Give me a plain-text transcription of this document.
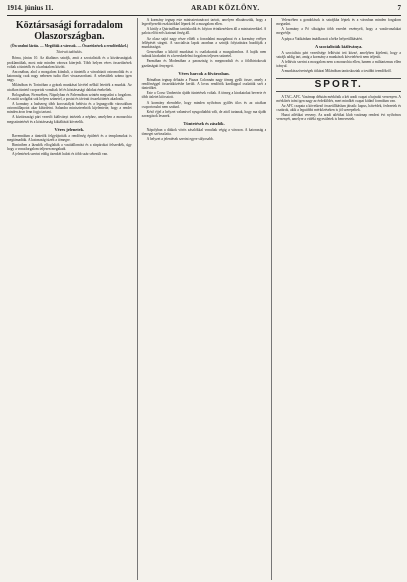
1914. június 11.	ARADI KÖZLÖNY.	7
Köztársasági forradalom Olaszországban.
(Ön uralmi láztás. — Megölták a városok. — Összetűzések a rendőrökkel.)
Távirati tudósítás.

Róma, június 10. Az általános sztrájk, amit a szocialisták és a köztársaságiak proklamáltak, most már minden városra kiterjedt. Több helyen véres összetűzések voltak a tüntetők és a karhatalom között.

Anconában, ahol a mozgalom kiindult, a tüntetők a városházát ostromolták és a katonaság csak nagy nehezen tudta őket visszaszorítani. A sebesültek száma igen nagy.

Milánóban és Torinóban a gyárak munkásai kivétel nélkül letették a munkát. Az utcákon tüntető csoportok vonultak fel és köztársasági dalokat énekeltek.

Bolognában, Firenzében, Nápolyban és Palermóban szintén megszűnt a forgalom. A vasúti szolgálat sok helyen szünetel, a postai és távirati összeköttetés akadozik.

A kormány a hadsereg több korosztályát behívta és a legnagyobb városokban ostromállapotot akar kihirdetni. Salandra miniszterelnök kijelentette, hogy a rendet minden áron fenn fogja tartani.

A köztársasági párt vezetői kiáltványt intéztek a néphez, amelyben a monarchia megszüntetését és a köztársaság kikiáltását követelik.

Véres jelenetek.

Ravennában a tüntetők felgyújtották a rendőrség épületét és a templomokat is megtámadták. A katonaság tüzelt a tömegre.

Riminiben a lázadók elfoglalták a vasútállomást és a sínpárokat felszedték, úgy hogy a vonatforgalom teljesen megakadt.

A jelentések szerint eddig tizenkét halott és több száz sebesült van.

A kormány tegnap este minisztertanácsot tartott, amelyen elhatározták, hogy a legerélyesebb eszközökkel lépnek fel a mozgalom ellen.

A király a Quirinálban tartózkodik és folyton érintkezésben áll a miniszterekkel. A palota előtt erős katonai őrség áll.

Az olasz sajtó nagy része elítéli a forradalmi mozgalmat és a kormány erélyes fellépését sürgeti. A szocialista lapok azonban a sztrájk folytatására buzdítják a munkásságot.

Genovában a kikötő munkásai is csatlakoztak a mozgalomhoz. A hajók nem tudnak kirakodni és a kereskedelmi forgalom teljesen szünetel.

Parmában és Modenában a parasztság is megmozdult és a földbirtokosok gazdaságait fenyegeti.

Véres harcok a fővárosban.

Rómában tegnap délután a Piazza Colonnán nagy tömeg gyűlt össze, amely a rendőrséggel összeütközésbe került. A lovas rendőrök kardlappal oszlatták szét a tüntetőket.

Este a Corso Umbertón újabb tüntetések voltak. A tömeg a kirakatokat beverte és több üzletet kifosztott.

A kormány elrendelte, hogy minden nyilvános gyűlés tilos és az utcákon csoportosulni nem szabad.

Késő éjjel a helyzet valamivel nyugodtabbá vált, de attól tartanak, hogy ma újabb zavargások lesznek.

Tüntetések és zászlók.

Nápolyban a diákok vörös zászlókkal vonultak végig a városon. A katonaság a tömeget szétoszlatta.

A helyzet a jelentések szerint egyre súlyosabb.

Velencében a gondolások is sztrájkba léptek és a városban minden forgalom megszűnt.

A kormány a Pó síkságára több ezredet vezényelt, hogy a vasútvonalakat megvédje.

A pápa a Vatikánban imádkozott a béke helyreállításáért.

A szocialisták kiáltványa.

A szocialista párt vezetősége felhívást tett közzé, amelyben kijelenti, hogy a sztrájk addig tart, amíg a kormány a munkások követeléseit nem teljesíti.

A felhívás szerint a mozgalom nem a monarchia ellen, hanem a militarizmus ellen irányul.

A munkásszövetségek titkárai Milánóban tanácskoztak a további teendőkről.

SPORT.

A TAC–AFC. Vasárnap délután mérkőzik a két aradi csapat a bajnoki versenyen. A mérkőzés iránt igen nagy az érdeklődés, mert mindkét csapat kitűnő formában van.

Az AFC csapata a következő összeállításban játszik: kapus, hátvédek, fedezetek és csatárok, akik a legutóbbi mérkőzéseken is jól szerepeltek.

Hazai atlétikai verseny. Az aradi atlétikai klub vasárnap rendezi évi nyilvános versenyét, amelyre a vidéki egyesületek is beneveztek.
